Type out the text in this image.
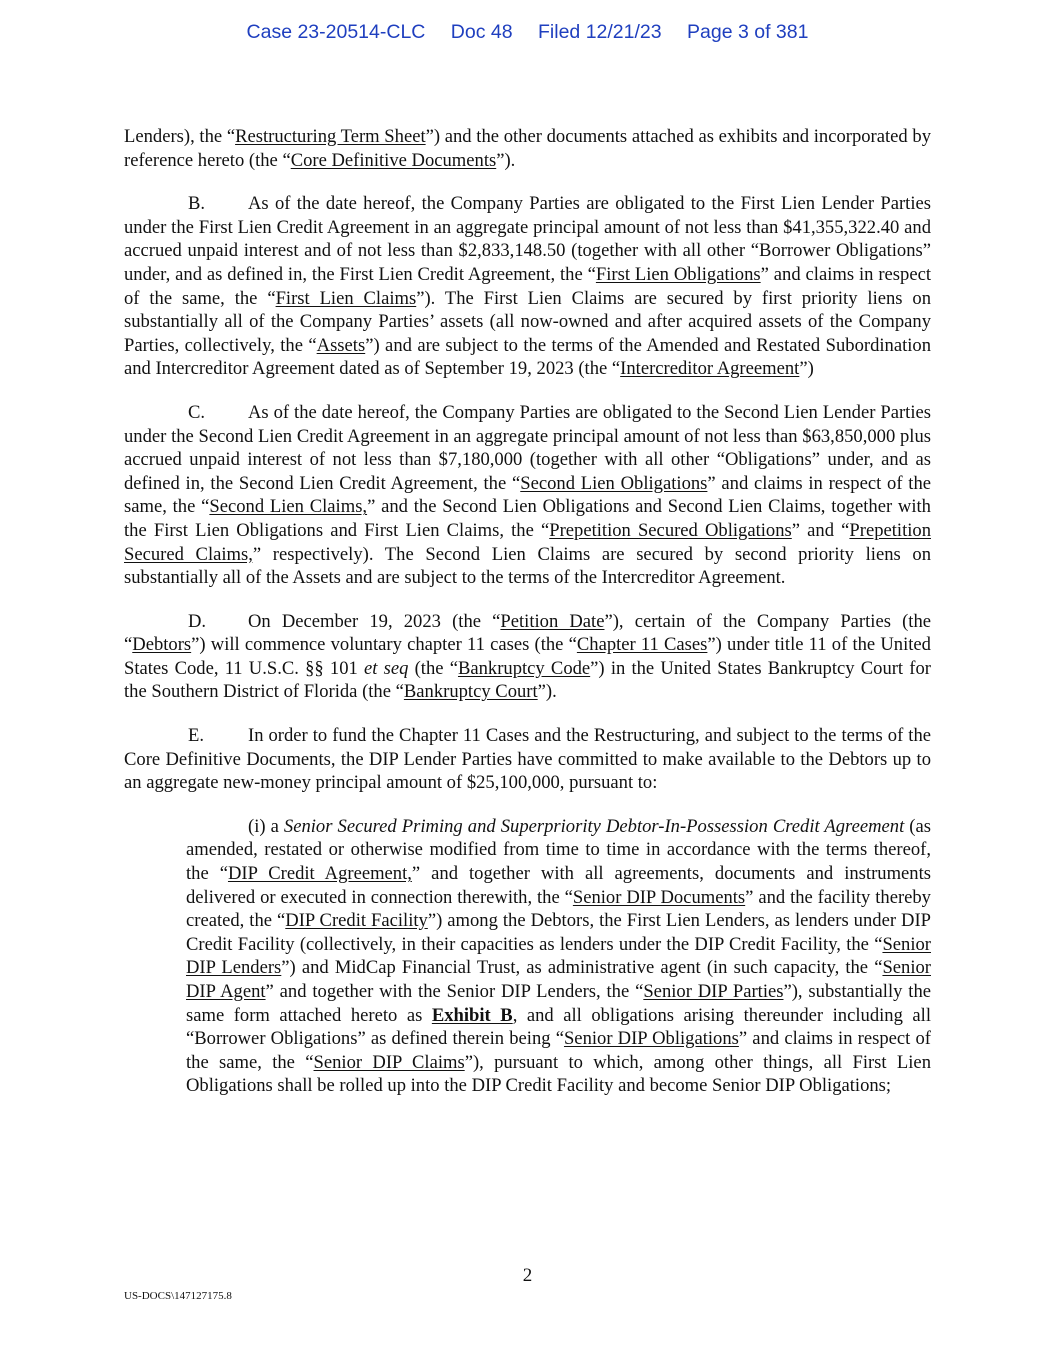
Case 23-20514-CLC Doc 48 Filed 12/21/23 Page 3 of 381

Lenders), the “Restructuring Term Sheet”) and the other documents attached as exhibits and incorporated by reference hereto (the “Core Definitive Documents”).

B. As of the date hereof, the Company Parties are obligated to the First Lien Lender Parties under the First Lien Credit Agreement in an aggregate principal amount of not less than $41,355,322.40 and accrued unpaid interest and of not less than $2,833,148.50 (together with all other “Borrower Obligations” under, and as defined in, the First Lien Credit Agreement, the “First Lien Obligations” and claims in respect of the same, the “First Lien Claims”). The First Lien Claims are secured by first priority liens on substantially all of the Company Parties’ assets (all now-owned and after acquired assets of the Company Parties, collectively, the “Assets”) and are subject to the terms of the Amended and Restated Subordination and Intercreditor Agreement dated as of September 19, 2023 (the “Intercreditor Agreement”)

C. As of the date hereof, the Company Parties are obligated to the Second Lien Lender Parties under the Second Lien Credit Agreement in an aggregate principal amount of not less than $63,850,000 plus accrued unpaid interest of not less than $7,180,000 (together with all other “Obligations” under, and as defined in, the Second Lien Credit Agreement, the “Second Lien Obligations” and claims in respect of the same, the “Second Lien Claims,” and the Second Lien Obligations and Second Lien Claims, together with the First Lien Obligations and First Lien Claims, the “Prepetition Secured Obligations” and “Prepetition Secured Claims,” respectively). The Second Lien Claims are secured by second priority liens on substantially all of the Assets and are subject to the terms of the Intercreditor Agreement.

D. On December 19, 2023 (the “Petition Date”), certain of the Company Parties (the “Debtors”) will commence voluntary chapter 11 cases (the “Chapter 11 Cases”) under title 11 of the United States Code, 11 U.S.C. §§ 101 et seq (the “Bankruptcy Code”) in the United States Bankruptcy Court for the Southern District of Florida (the “Bankruptcy Court”).

E. In order to fund the Chapter 11 Cases and the Restructuring, and subject to the terms of the Core Definitive Documents, the DIP Lender Parties have committed to make available to the Debtors up to an aggregate new-money principal amount of $25,100,000, pursuant to:

(i) a Senior Secured Priming and Superpriority Debtor-In-Possession Credit Agreement (as amended, restated or otherwise modified from time to time in accordance with the terms thereof, the “DIP Credit Agreement,” and together with all agreements, documents and instruments delivered or executed in connection therewith, the “Senior DIP Documents” and the facility thereby created, the “DIP Credit Facility”) among the Debtors, the First Lien Lenders, as lenders under DIP Credit Facility (collectively, in their capacities as lenders under the DIP Credit Facility, the “Senior DIP Lenders”) and MidCap Financial Trust, as administrative agent (in such capacity, the “Senior DIP Agent” and together with the Senior DIP Lenders, the “Senior DIP Parties”), substantially the same form attached hereto as Exhibit B, and all obligations arising thereunder including all “Borrower Obligations” as defined therein being “Senior DIP Obligations” and claims in respect of the same, the “Senior DIP Claims”), pursuant to which, among other things, all First Lien Obligations shall be rolled up into the DIP Credit Facility and become Senior DIP Obligations;

2
US-DOCS\147127175.8
